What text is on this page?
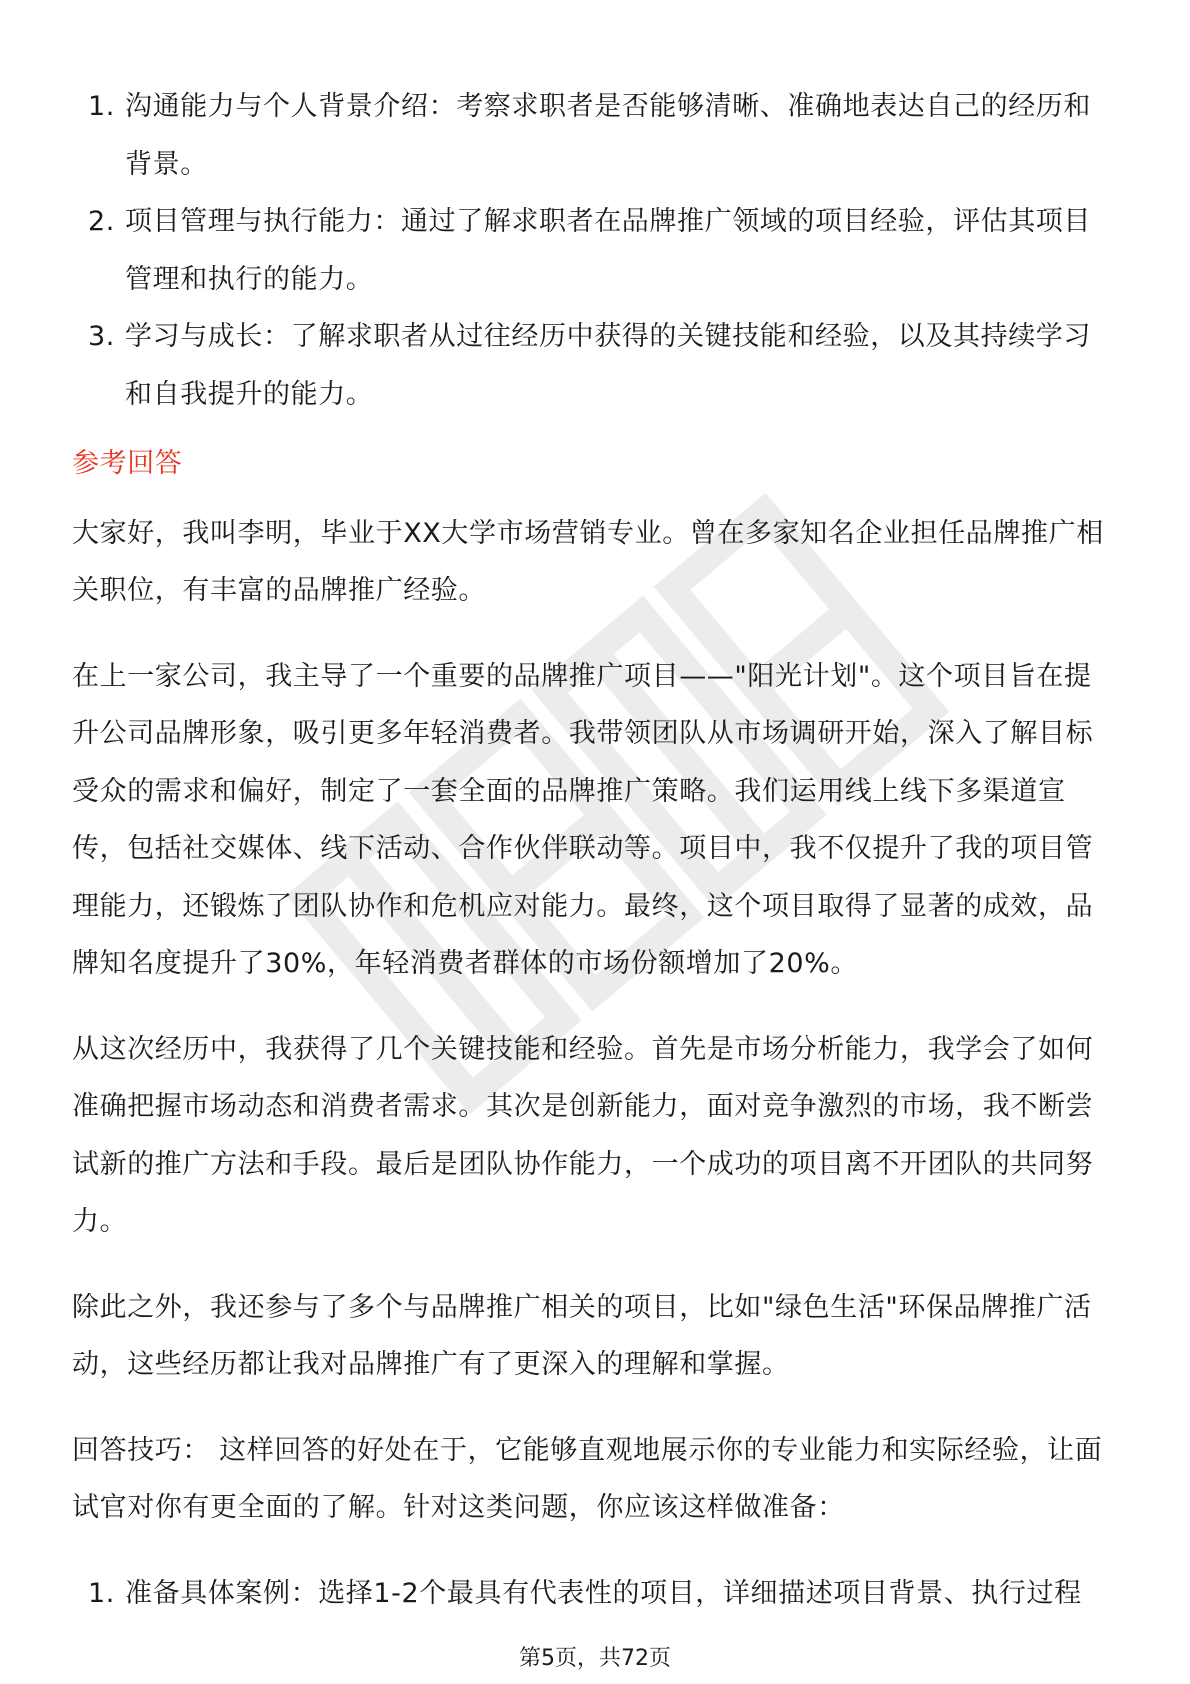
1. 沟通能力与个人背景介绍：考察求职者是否能够清晰、准确地表达自己的经历和背景。
2. 项目管理与执行能力：通过了解求职者在品牌推广领域的项目经验，评估其项目管理和执行的能力。
3. 学习与成长：了解求职者从过往经历中获得的关键技能和经验，以及其持续学习和自我提升的能力。
参考回答

大家好，我叫李明，毕业于XX大学市场营销专业。曾在多家知名企业担任品牌推广相关职位，有丰富的品牌推广经验。

在上一家公司，我主导了一个重要的品牌推广项目——"阳光计划"。这个项目旨在提升公司品牌形象，吸引更多年轻消费者。我带领团队从市场调研开始，深入了解目标受众的需求和偏好，制定了一套全面的品牌推广策略。我们运用线上线下多渠道宣传，包括社交媒体、线下活动、合作伙伴联动等。项目中，我不仅提升了我的项目管理能力，还锻炼了团队协作和危机应对能力。最终，这个项目取得了显著的成效，品牌知名度提升了30%，年轻消费者群体的市场份额增加了20%。

从这次经历中，我获得了几个关键技能和经验。首先是市场分析能力，我学会了如何准确把握市场动态和消费者需求。其次是创新能力，面对竞争激烈的市场，我不断尝试新的推广方法和手段。最后是团队协作能力，一个成功的项目离不开团队的共同努力。

除此之外，我还参与了多个与品牌推广相关的项目，比如"绿色生活"环保品牌推广活动，这些经历都让我对品牌推广有了更深入的理解和掌握。

回答技巧： 这样回答的好处在于，它能够直观地展示你的专业能力和实际经验，让面试官对你有更全面的了解。针对这类问题，你应该这样做准备：

1. 准备具体案例：选择1-2个最具有代表性的项目，详细描述项目背景、执行过程
第5页，共72页
